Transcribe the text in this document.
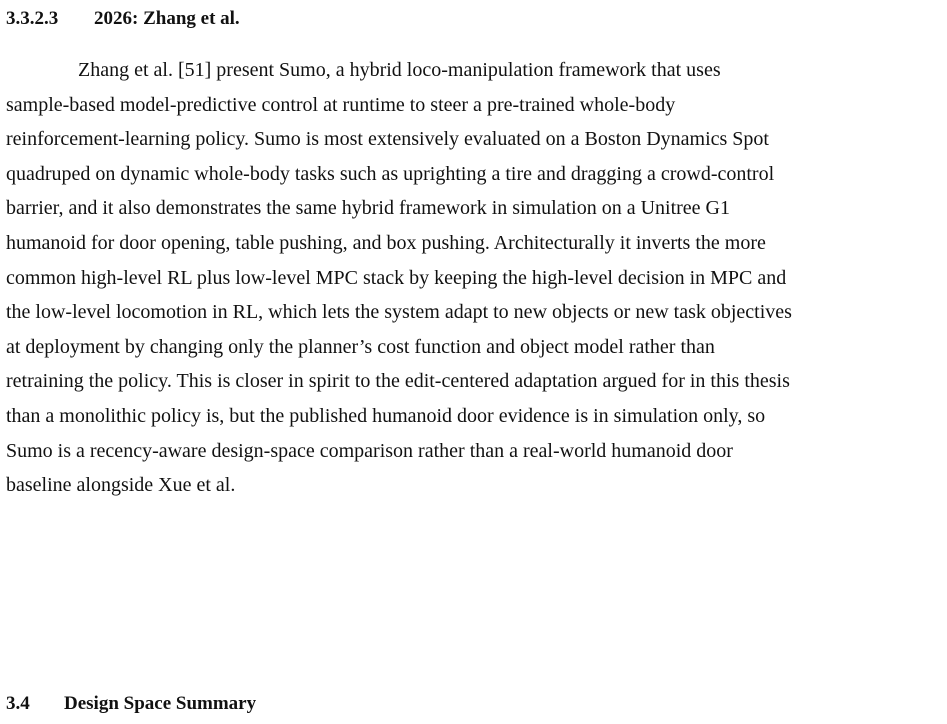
3.3.2.3 2026: Zhang et al.

Zhang et al. [51] present Sumo, a hybrid loco-manipulation framework that uses
sample-based model-predictive control at runtime to steer a pre-trained whole-body
reinforcement-learning policy. Sumo is most extensively evaluated on a Boston Dynamics Spot
quadruped on dynamic whole-body tasks such as uprighting a tire and dragging a crowd-control
barrier, and it also demonstrates the same hybrid framework in simulation on a Unitree G1
humanoid for door opening, table pushing, and box pushing. Architecturally it inverts the more
common high-level RL plus low-level MPC stack by keeping the high-level decision in MPC and
the low-level locomotion in RL, which lets the system adapt to new objects or new task objectives
at deployment by changing only the planner’s cost function and object model rather than
retraining the policy. This is closer in spirit to the edit-centered adaptation argued for in this thesis
than a monolithic policy is, but the published humanoid door evidence is in simulation only, so
Sumo is a recency-aware design-space comparison rather than a real-world humanoid door
baseline alongside Xue et al.

3.4 Design Space Summary
